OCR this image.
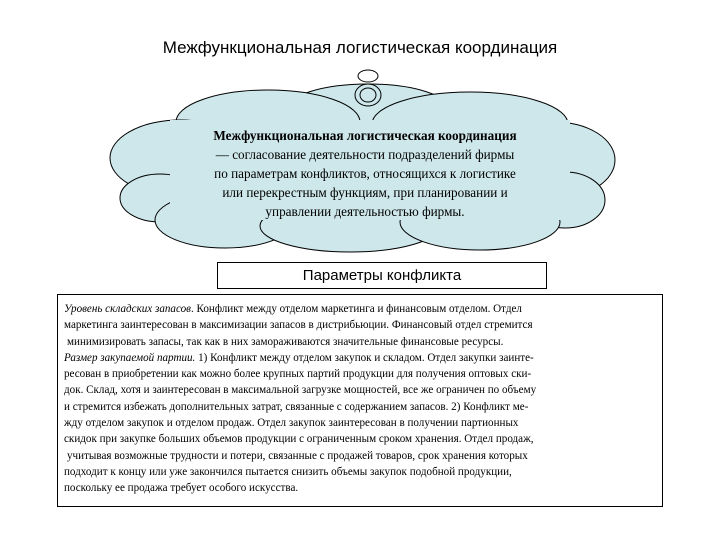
Межфункциональная логистическая координация
Межфункциональная логистическая координация
— согласование деятельности подразделений фирмы
по параметрам конфликтов, относящихся к логистике
или перекрестным функциям, при планировании и
управлении деятельностью фирмы.
Параметры конфликта
Уровень складских запасов. Конфликт между отделом маркетинга и финансовым отделом. Отдел
маркетинга заинтересован в максимизации запасов в дистрибьюции. Финансовый отдел стремится
минимизировать запасы, так как в них замораживаются значительные финансовые ресурсы.
Размер закупаемой партии. 1) Конфликт между отделом закупок и складом. Отдел закупки заинте-
ресован в приобретении как можно более крупных партий продукции для получения оптовых ски-
док. Склад, хотя и заинтересован в максимальной загрузке мощностей, все же ограничен по объему
и стремится избежать дополнительных затрат, связанные с содержанием запасов. 2) Конфликт ме-
жду отделом закупок и отделом продаж. Отдел закупок заинтересован в получении партионных
скидок при закупке больших объемов продукции с ограниченным сроком хранения. Отдел продаж,
учитывая возможные трудности и потери, связанные с продажей товаров, срок хранения которых
подходит к концу или уже закончился пытается снизить объемы закупок подобной продукции,
поскольку ее продажа требует особого искусства.
